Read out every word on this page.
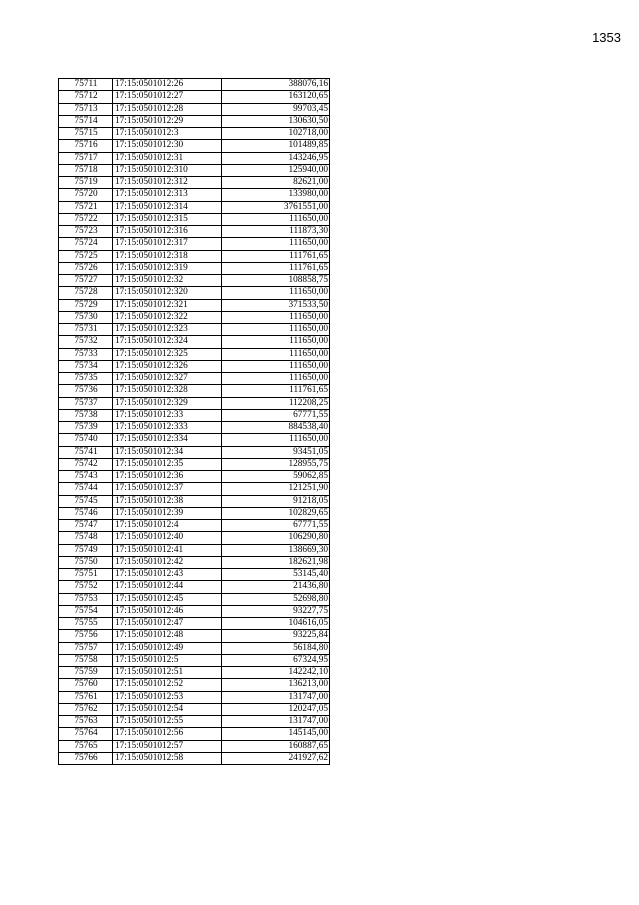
1353
75711	17:15:0501012:26	388076,16
75712	17:15:0501012:27	163120,65
75713	17:15:0501012:28	99703,45
75714	17:15:0501012:29	130630,50
75715	17:15:0501012:3	102718,00
75716	17:15:0501012:30	101489,85
75717	17:15:0501012:31	143246,95
75718	17:15:0501012:310	125940,00
75719	17:15:0501012:312	82621,00
75720	17:15:0501012:313	133980,00
75721	17:15:0501012:314	3761551,00
75722	17:15:0501012:315	111650,00
75723	17:15:0501012:316	111873,30
75724	17:15:0501012:317	111650,00
75725	17:15:0501012:318	111761,65
75726	17:15:0501012:319	111761,65
75727	17:15:0501012:32	108858,75
75728	17:15:0501012:320	111650,00
75729	17:15:0501012:321	371533,50
75730	17:15:0501012:322	111650,00
75731	17:15:0501012:323	111650,00
75732	17:15:0501012:324	111650,00
75733	17:15:0501012:325	111650,00
75734	17:15:0501012:326	111650,00
75735	17:15:0501012:327	111650,00
75736	17:15:0501012:328	111761,65
75737	17:15:0501012:329	112208,25
75738	17:15:0501012:33	67771,55
75739	17:15:0501012:333	884538,40
75740	17:15:0501012:334	111650,00
75741	17:15:0501012:34	93451,05
75742	17:15:0501012:35	128955,75
75743	17:15:0501012:36	59062,85
75744	17:15:0501012:37	121251,90
75745	17:15:0501012:38	91218,05
75746	17:15:0501012:39	102829,65
75747	17:15:0501012:4	67771,55
75748	17:15:0501012:40	106290,80
75749	17:15:0501012:41	138669,30
75750	17:15:0501012:42	182621,98
75751	17:15:0501012:43	53145,40
75752	17:15:0501012:44	21436,80
75753	17:15:0501012:45	52698,80
75754	17:15:0501012:46	93227,75
75755	17:15:0501012:47	104616,05
75756	17:15:0501012:48	93225,84
75757	17:15:0501012:49	56184,80
75758	17:15:0501012:5	67324,95
75759	17:15:0501012:51	142242,10
75760	17:15:0501012:52	136213,00
75761	17:15:0501012:53	131747,00
75762	17:15:0501012:54	120247,05
75763	17:15:0501012:55	131747,00
75764	17:15:0501012:56	145145,00
75765	17:15:0501012:57	160887,65
75766	17:15:0501012:58	241927,62
